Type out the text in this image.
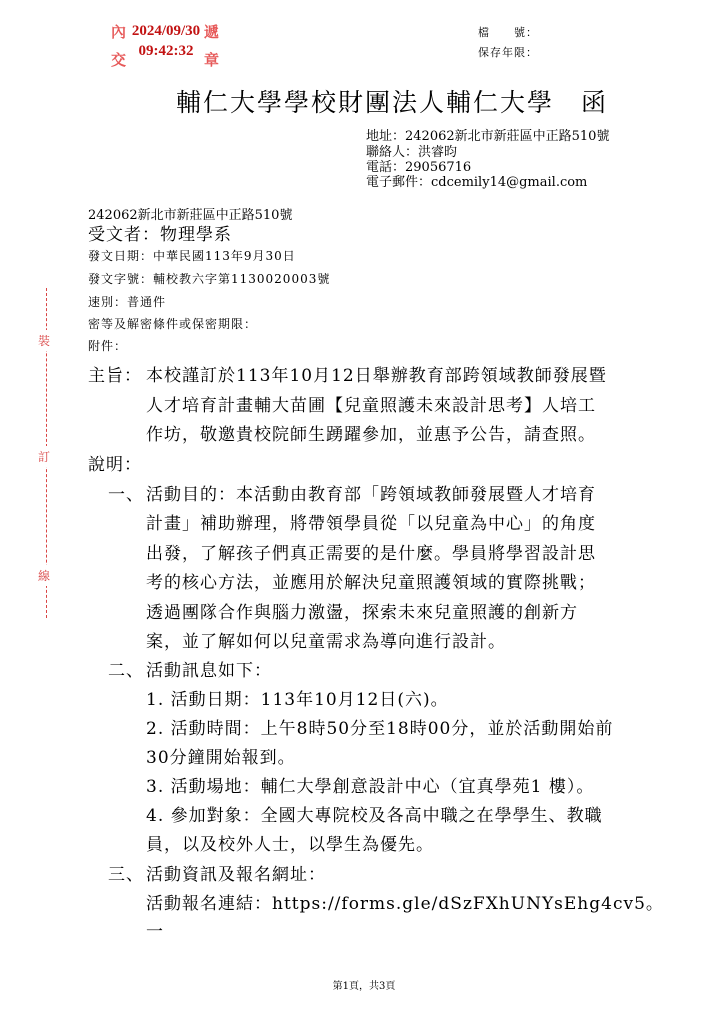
檔　　號：
保存年限：
內	遞
交	章
2024/09/30
09:42:32
輔仁大學學校財團法人輔仁大學　函
地址：242062新北市新莊區中正路510號
聯絡人：洪睿昀
電話：29056716
電子郵件：cdcemily14@gmail.com
242062新北市新莊區中正路510號
受文者：物理學系
發文日期：中華民國113年9月30日
發文字號：輔校教六字第1130020003號
速別：普通件
密等及解密條件或保密期限：
附件：
裝
訂
線
主旨： 本校謹訂於113年10月12日舉辦教育部跨領域教師發展暨
人才培育計畫輔大苗圃【兒童照護未來設計思考】人培工
作坊，敬邀貴校院師生踴躍參加，並惠予公告，請查照。
說明：
一、 活動目的：本活動由教育部「跨領域教師發展暨人才培育
計畫」補助辦理，將帶領學員從「以兒童為中心」的角度
出發，了解孩子們真正需要的是什麼。學員將學習設計思
考的核心方法，並應用於解決兒童照護領域的實際挑戰；
透過團隊合作與腦力激盪，探索未來兒童照護的創新方
案，並了解如何以兒童需求為導向進行設計。
二、 活動訊息如下：
1. 活動日期：113年10月12日(六)。
2. 活動時間：上午8時50分至18時00分，並於活動開始前
30分鐘開始報到。
3. 活動場地：輔仁大學創意設計中心（宜真學苑1 樓）。
4. 參加對象：全國大專院校及各高中職之在學學生、教職
員，以及校外人士，以學生為優先。
三、 活動資訊及報名網址：
活動報名連結：https://forms.gle/dSzFXhUNYsEhg4cv5。
一
第1頁，共3頁
